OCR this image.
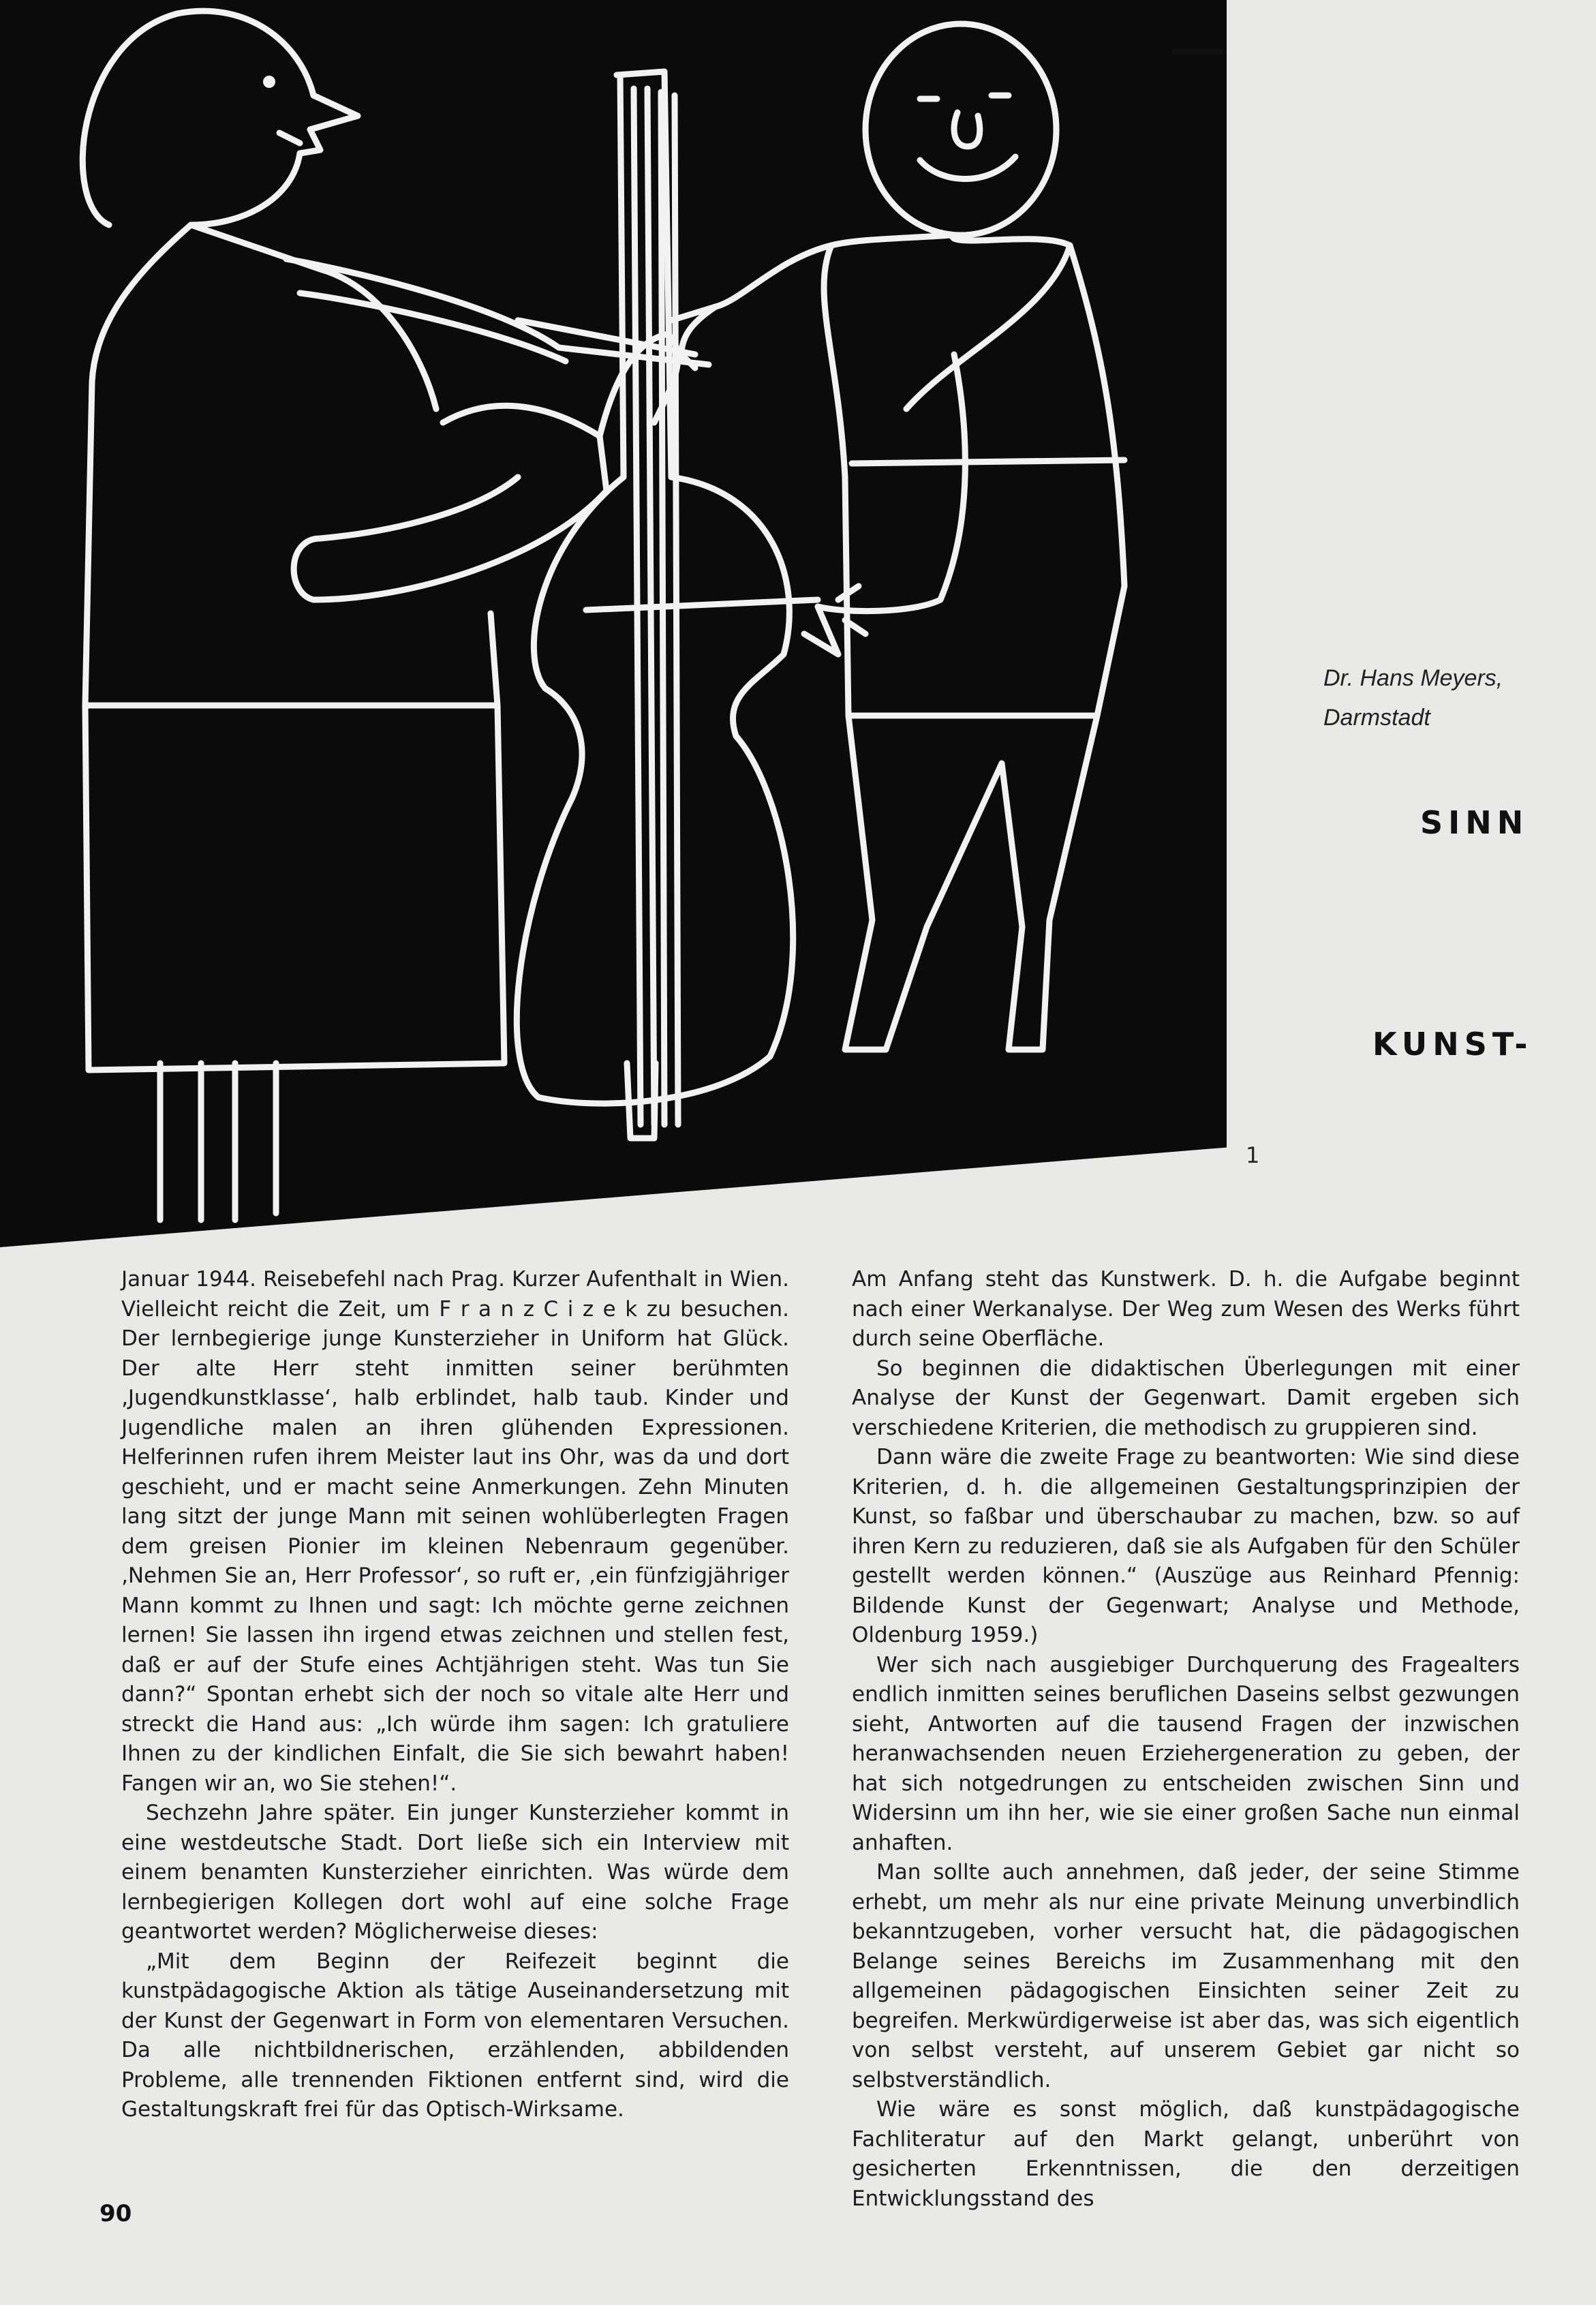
Dr. Hans Meyers,
Darmstadt
SINN
KUNST-
1

Januar 1944. Reisebefehl nach Prag. Kurzer Aufenthalt in Wien. Vielleicht reicht die Zeit, um F r a n z C i z e k zu besuchen. Der lernbegierige junge Kunsterzieher in Uniform hat Glück. Der alte Herr steht inmitten seiner berühmten ‚Jugendkunstklasse‘, halb erblindet, halb taub. Kinder und Jugendliche malen an ihren glühenden Expressionen. Helferinnen rufen ihrem Meister laut ins Ohr, was da und dort geschieht, und er macht seine Anmerkungen. Zehn Minuten lang sitzt der junge Mann mit seinen wohlüberlegten Fragen dem greisen Pionier im kleinen Nebenraum gegenüber. ‚Nehmen Sie an, Herr Professor‘, so ruft er, ‚ein fünfzigjähriger Mann kommt zu Ihnen und sagt: Ich möchte gerne zeichnen lernen! Sie lassen ihn irgend etwas zeichnen und stellen fest, daß er auf der Stufe eines Achtjährigen steht. Was tun Sie dann?“ Spontan erhebt sich der noch so vitale alte Herr und streckt die Hand aus: „Ich würde ihm sagen: Ich gratuliere Ihnen zu der kindlichen Einfalt, die Sie sich bewahrt haben! Fangen wir an, wo Sie stehen!“.

Sechzehn Jahre später. Ein junger Kunsterzieher kommt in eine westdeutsche Stadt. Dort ließe sich ein Interview mit einem benamten Kunsterzieher einrichten. Was würde dem lernbegierigen Kollegen dort wohl auf eine solche Frage geantwortet werden? Möglicherweise dieses:

„Mit dem Beginn der Reifezeit beginnt die kunstpädagogische Aktion als tätige Auseinandersetzung mit der Kunst der Gegenwart in Form von elementaren Versuchen. Da alle nichtbildnerischen, erzählenden, abbildenden Probleme, alle trennenden Fiktionen entfernt sind, wird die Gestaltungskraft frei für das Optisch-Wirksame.

Am Anfang steht das Kunstwerk. D. h. die Aufgabe beginnt nach einer Werkanalyse. Der Weg zum Wesen des Werks führt durch seine Oberfläche.

So beginnen die didaktischen Überlegungen mit einer Analyse der Kunst der Gegenwart. Damit ergeben sich verschiedene Kriterien, die methodisch zu gruppieren sind.

Dann wäre die zweite Frage zu beantworten: Wie sind diese Kriterien, d. h. die allgemeinen Gestaltungsprinzipien der Kunst, so faßbar und überschaubar zu machen, bzw. so auf ihren Kern zu reduzieren, daß sie als Aufgaben für den Schüler gestellt werden können.“ (Auszüge aus Reinhard Pfennig: Bildende Kunst der Gegenwart; Analyse und Methode, Oldenburg 1959.)

Wer sich nach ausgiebiger Durchquerung des Fragealters endlich inmitten seines beruflichen Daseins selbst gezwungen sieht, Antworten auf die tausend Fragen der inzwischen heranwachsenden neuen Erziehergeneration zu geben, der hat sich notgedrungen zu entscheiden zwischen Sinn und Widersinn um ihn her, wie sie einer großen Sache nun einmal anhaften.

Man sollte auch annehmen, daß jeder, der seine Stimme erhebt, um mehr als nur eine private Meinung unverbindlich bekanntzugeben, vorher versucht hat, die pädagogischen Belange seines Bereichs im Zusammenhang mit den allgemeinen pädagogischen Einsichten seiner Zeit zu begreifen. Merkwürdigerweise ist aber das, was sich eigentlich von selbst versteht, auf unserem Gebiet gar nicht so selbstverständlich.

Wie wäre es sonst möglich, daß kunstpädagogische Fachliteratur auf den Markt gelangt, unberührt von gesicherten Erkenntnissen, die den derzeitigen Entwicklungsstand des

90
